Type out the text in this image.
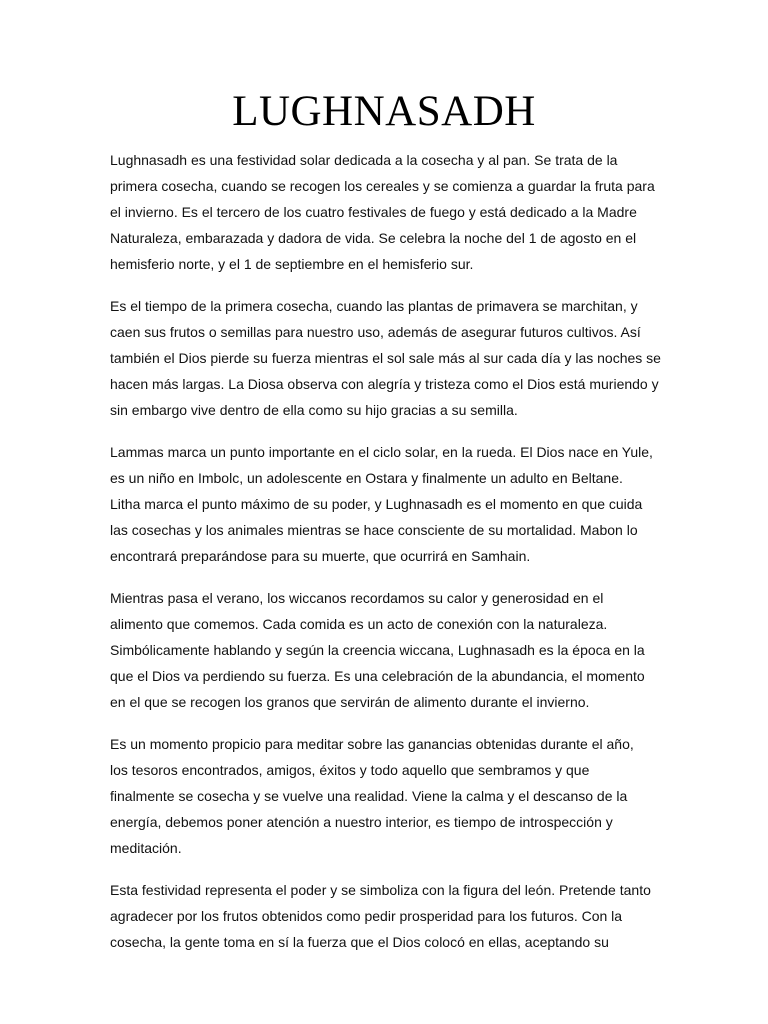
LUGHNASADH

Lughnasadh es una festividad solar dedicada a la cosecha y al pan. Se trata de la
primera cosecha, cuando se recogen los cereales y se comienza a guardar la fruta para
el invierno. Es el tercero de los cuatro festivales de fuego y está dedicado a la Madre
Naturaleza, embarazada y dadora de vida. Se celebra la noche del 1 de agosto en el
hemisferio norte, y el 1 de septiembre en el hemisferio sur.

Es el tiempo de la primera cosecha, cuando las plantas de primavera se marchitan, y
caen sus frutos o semillas para nuestro uso, además de asegurar futuros cultivos. Así
también el Dios pierde su fuerza mientras el sol sale más al sur cada día y las noches se
hacen más largas. La Diosa observa con alegría y tristeza como el Dios está muriendo y
sin embargo vive dentro de ella como su hijo gracias a su semilla.

Lammas marca un punto importante en el ciclo solar, en la rueda. El Dios nace en Yule,
es un niño en Imbolc, un adolescente en Ostara y finalmente un adulto en Beltane.
Litha marca el punto máximo de su poder, y Lughnasadh es el momento en que cuida
las cosechas y los animales mientras se hace consciente de su mortalidad. Mabon lo
encontrará preparándose para su muerte, que ocurrirá en Samhain.

Mientras pasa el verano, los wiccanos recordamos su calor y generosidad en el
alimento que comemos. Cada comida es un acto de conexión con la naturaleza.
Simbólicamente hablando y según la creencia wiccana, Lughnasadh es la época en la
que el Dios va perdiendo su fuerza. Es una celebración de la abundancia, el momento
en el que se recogen los granos que servirán de alimento durante el invierno.

Es un momento propicio para meditar sobre las ganancias obtenidas durante el año,
los tesoros encontrados, amigos, éxitos y todo aquello que sembramos y que
finalmente se cosecha y se vuelve una realidad. Viene la calma y el descanso de la
energía, debemos poner atención a nuestro interior, es tiempo de introspección y
meditación.

Esta festividad representa el poder y se simboliza con la figura del león. Pretende tanto
agradecer por los frutos obtenidos como pedir prosperidad para los futuros. Con la
cosecha, la gente toma en sí la fuerza que el Dios colocó en ellas, aceptando su
